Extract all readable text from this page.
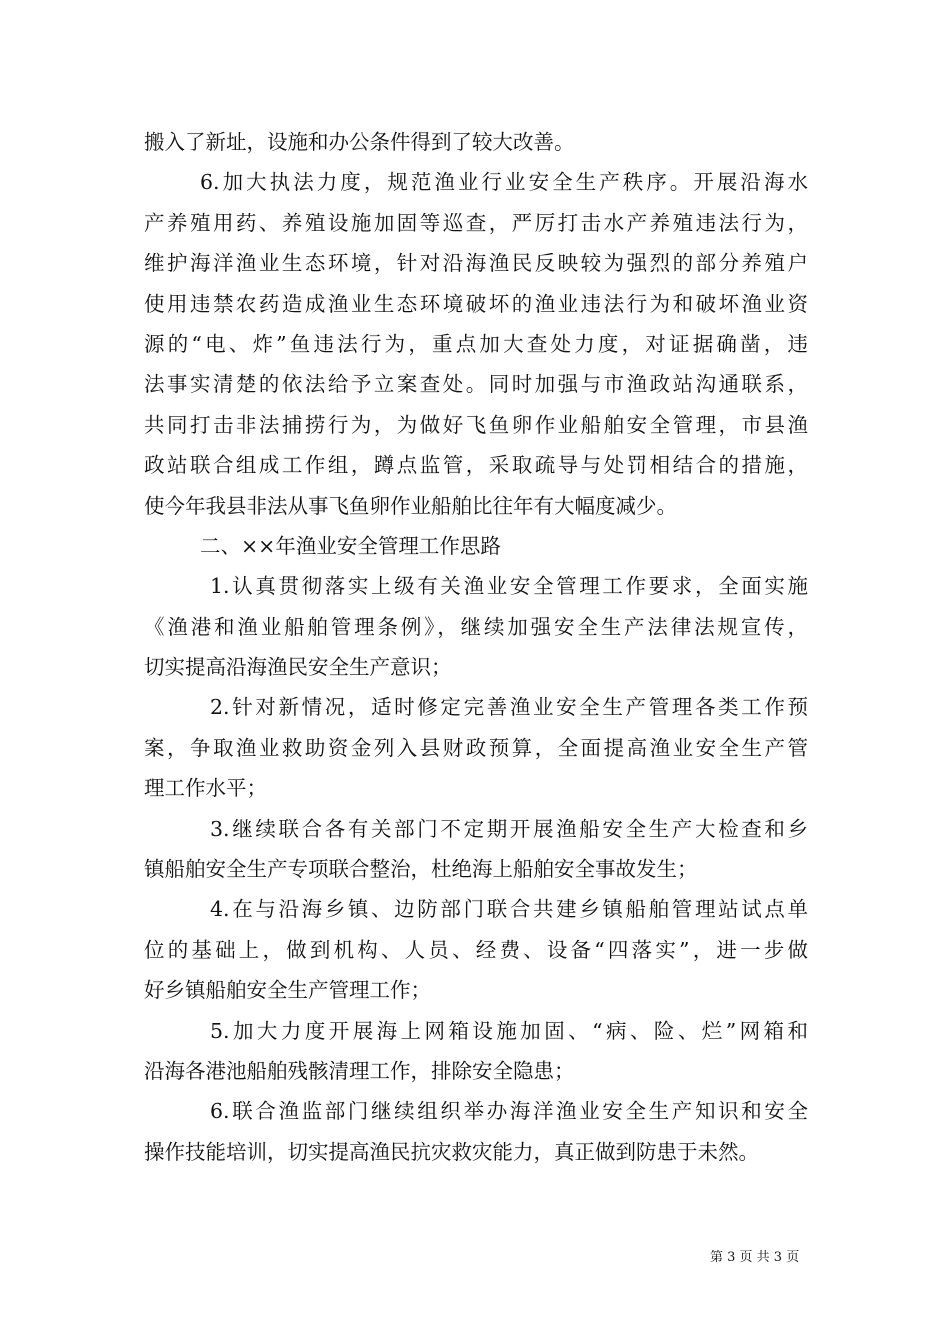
搬入了新址，设施和办公条件得到了较大改善。
6.加大执法力度，规范渔业行业安全生产秩序。开展沿海水
产养殖用药、养殖设施加固等巡查，严厉打击水产养殖违法行为，
维护海洋渔业生态环境，针对沿海渔民反映较为强烈的部分养殖户
使用违禁农药造成渔业生态环境破坏的渔业违法行为和破坏渔业资
源的“电、炸”鱼违法行为，重点加大查处力度，对证据确凿，违
法事实清楚的依法给予立案查处。同时加强与市渔政站沟通联系，
共同打击非法捕捞行为，为做好飞鱼卵作业船舶安全管理，市县渔
政站联合组成工作组，蹲点监管，采取疏导与处罚相结合的措施，
使今年我县非法从事飞鱼卵作业船舶比往年有大幅度减少。
二、××年渔业安全管理工作思路
1.认真贯彻落实上级有关渔业安全管理工作要求，全面实施
《渔港和渔业船舶管理条例》，继续加强安全生产法律法规宣传，
切实提高沿海渔民安全生产意识；
2.针对新情况，适时修定完善渔业安全生产管理各类工作预
案，争取渔业救助资金列入县财政预算，全面提高渔业安全生产管
理工作水平；
3.继续联合各有关部门不定期开展渔船安全生产大检查和乡
镇船舶安全生产专项联合整治，杜绝海上船舶安全事故发生；
4.在与沿海乡镇、边防部门联合共建乡镇船舶管理站试点单
位的基础上，做到机构、人员、经费、设备“四落实”，进一步做
好乡镇船舶安全生产管理工作；
5.加大力度开展海上网箱设施加固、“病、险、烂”网箱和
沿海各港池船舶残骸清理工作，排除安全隐患；
6.联合渔监部门继续组织举办海洋渔业安全生产知识和安全
操作技能培训，切实提高渔民抗灾救灾能力，真正做到防患于未然。
第 3 页 共 3 页
